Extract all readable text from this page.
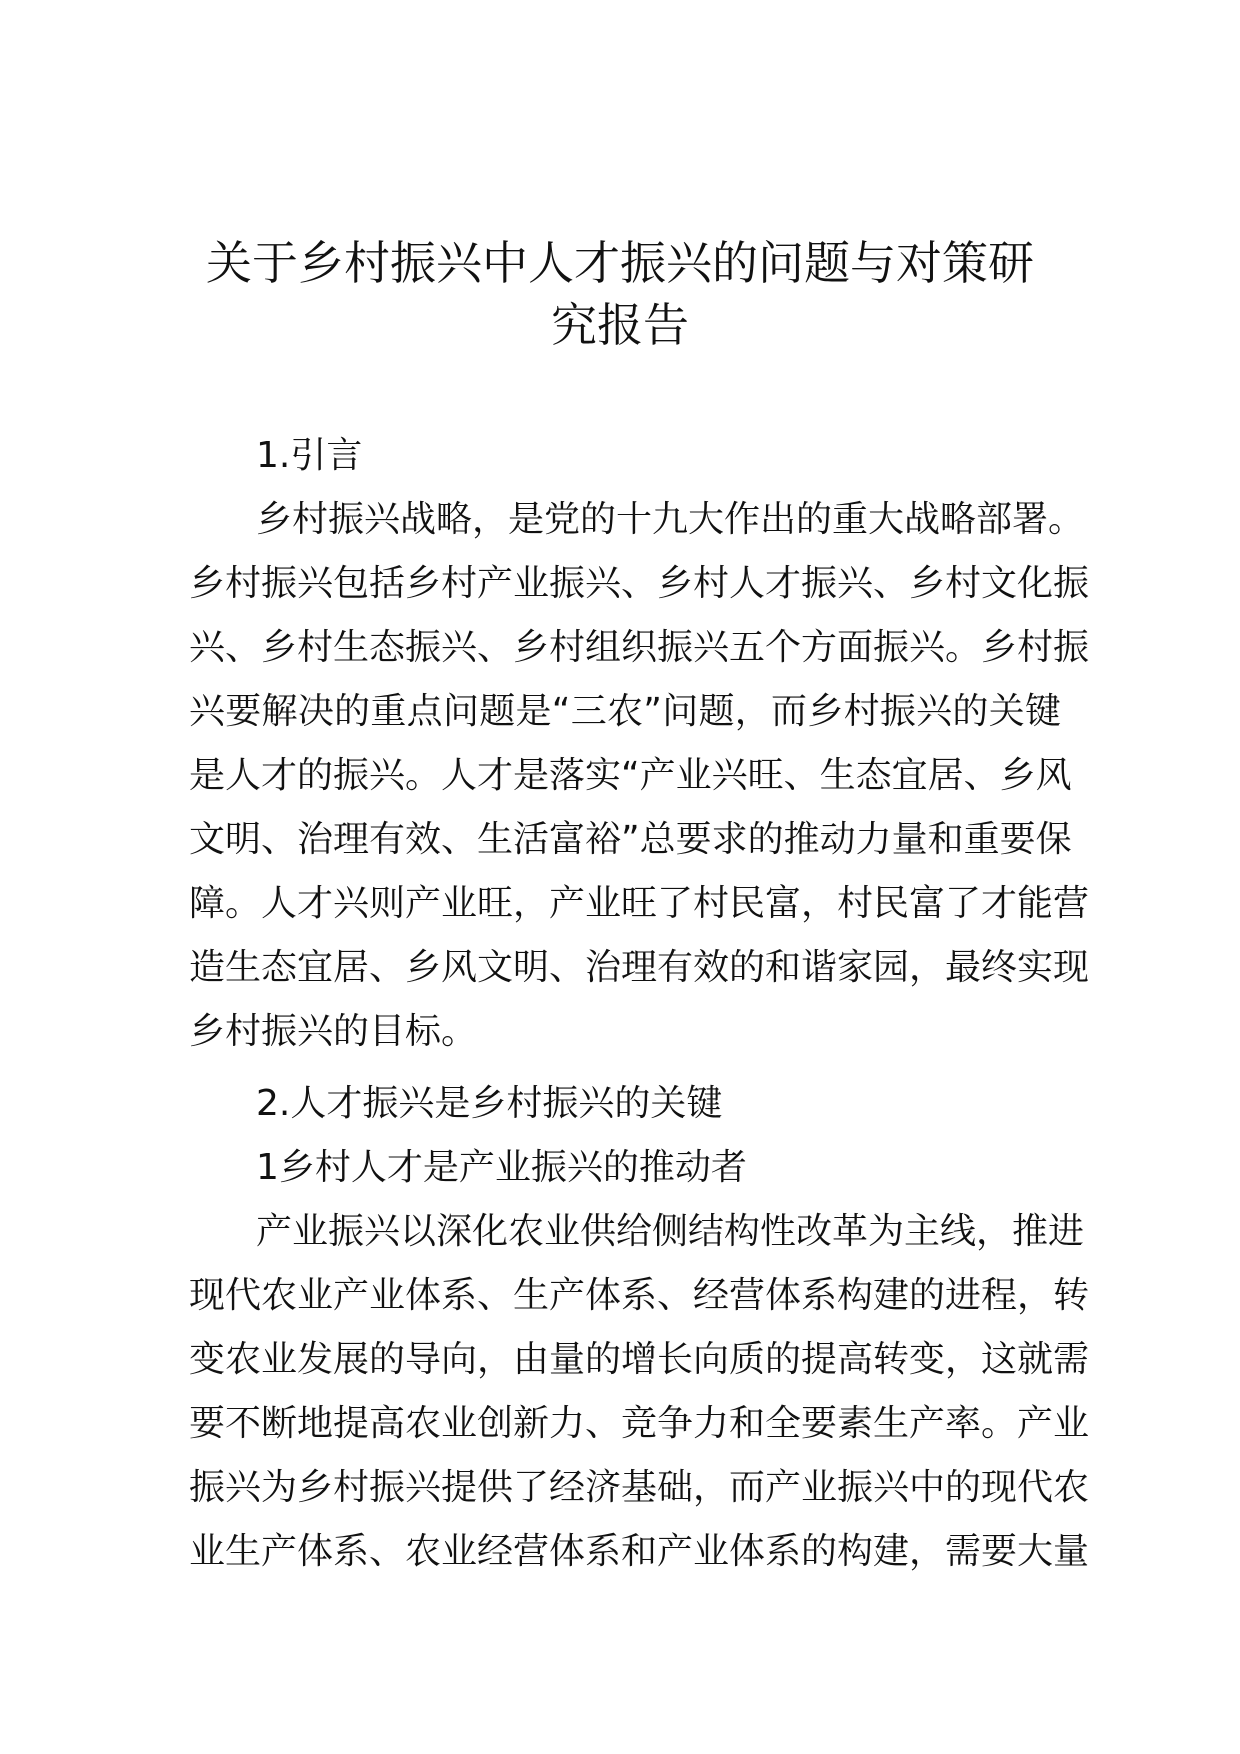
关于乡村振兴中人才振兴的问题与对策研
究报告
1.引言
乡村振兴战略，是党的十九大作出的重大战略部署。
乡村振兴包括乡村产业振兴、乡村人才振兴、乡村文化振
兴、乡村生态振兴、乡村组织振兴五个方面振兴。乡村振
兴要解决的重点问题是“三农”问题，而乡村振兴的关键
是人才的振兴。人才是落实“产业兴旺、生态宜居、乡风
文明、治理有效、生活富裕”总要求的推动力量和重要保
障。人才兴则产业旺，产业旺了村民富，村民富了才能营
造生态宜居、乡风文明、治理有效的和谐家园，最终实现
乡村振兴的目标。
2.人才振兴是乡村振兴的关键
1乡村人才是产业振兴的推动者
产业振兴以深化农业供给侧结构性改革为主线，推进
现代农业产业体系、生产体系、经营体系构建的进程，转
变农业发展的导向，由量的增长向质的提高转变，这就需
要不断地提高农业创新力、竞争力和全要素生产率。产业
振兴为乡村振兴提供了经济基础，而产业振兴中的现代农
业生产体系、农业经营体系和产业体系的构建，需要大量
